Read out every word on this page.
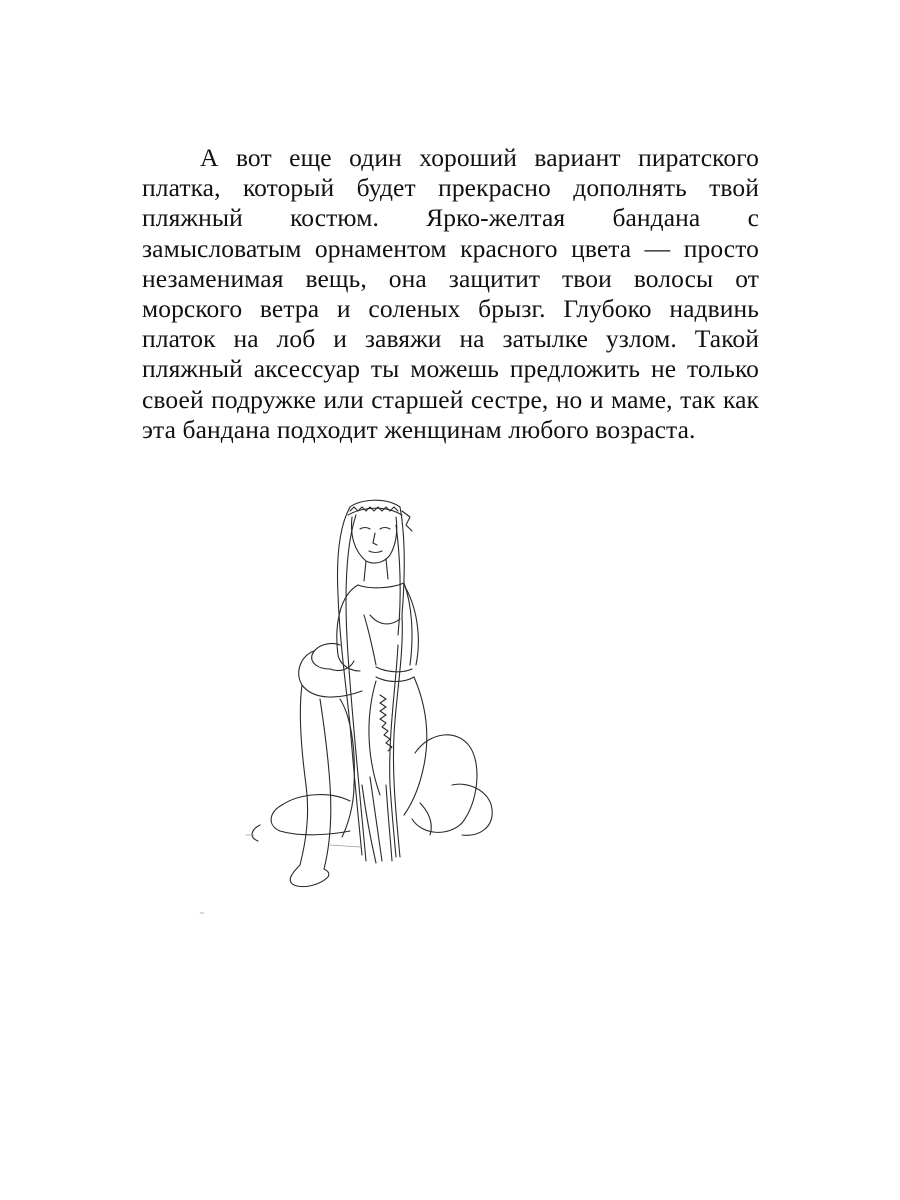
А вот еще один хороший вариант пиратского платка, который будет прекрасно дополнять твой пляжный костюм. Ярко-желтая бандана с замысловатым орнаментом красного цвета — просто незаменимая вещь, она защитит твои волосы от морского ветра и соленых брызг. Глубоко надвинь платок на лоб и завяжи на затылке узлом. Такой пляжный аксессуар ты можешь предложить не только своей подружке или старшей сестре, но и маме, так как эта бандана подходит женщинам любого возраста.
